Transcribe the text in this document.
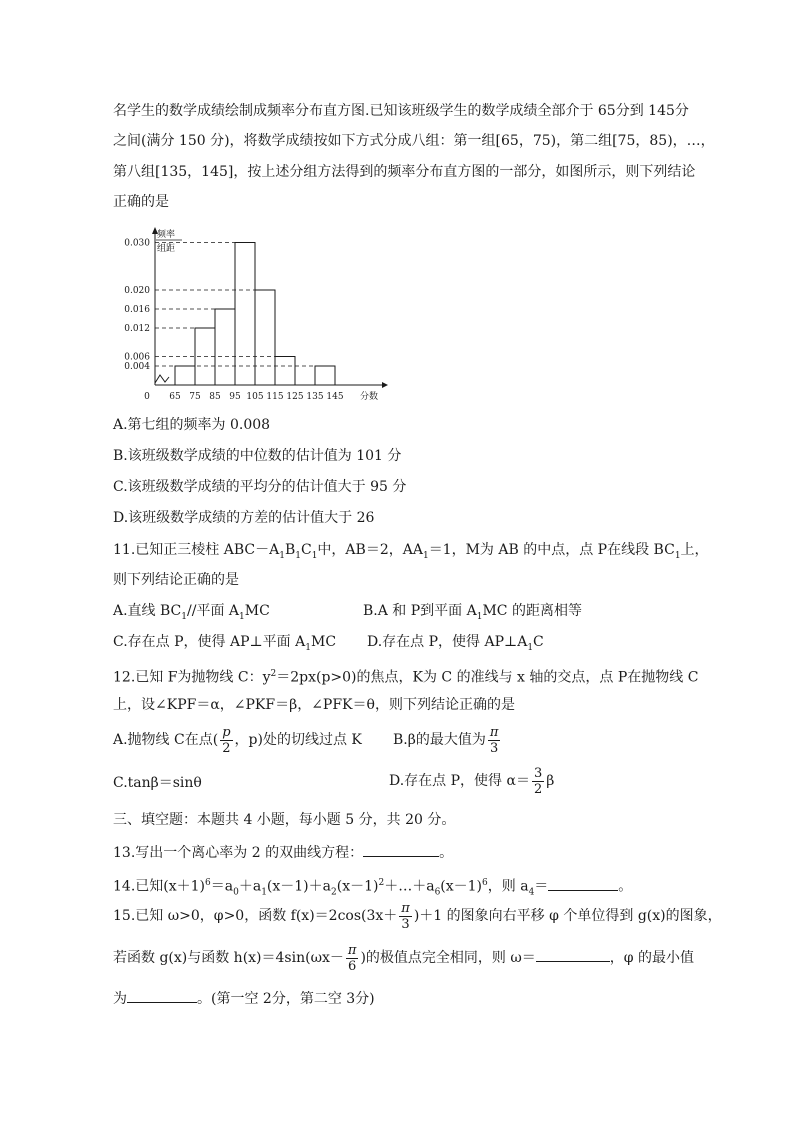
名学生的数学成绩绘制成频率分布直方图.已知该班级学生的数学成绩全部介于 65分到 145分
之间(满分 150 分)，将数学成绩按如下方式分成八组：第一组[65，75)，第二组[75，85)，…，
第八组[135，145]，按上述分组方法得到的频率分布直方图的一部分，如图所示，则下列结论
正确的是
频率
组距
0.004
0.006
0.012
0.016
0.020
0.030
0 65 75 85 95 105 115 125 135 145 分数
A.第七组的频率为 0.008
B.该班级数学成绩的中位数的估计值为 101 分
C.该班级数学成绩的平均分的估计值大于 95 分
D.该班级数学成绩的方差的估计值大于 26
11.已知正三棱柱 $ABC-A_1B_1C_1$中，AB＝2，$AA_1=1$，M为 AB 的中点，点 P在线段 $BC_1$上，
则下列结论正确的是
A.直线 $BC_1//$平面 $A_1MC$	B.A 和 P到平面 $A_1MC$ 的距离相等
C.存在点 P，使得 AP⊥平面 $A_1MC$ D.存在点 P，使得 $AP\perp A_1C$
12.已知 F为抛物线 C：$y^2=2px(p>0)$的焦点，K为 C 的准线与 x 轴的交点，点 P在抛物线 C
上，设∠KPF＝α，∠PKF＝β，∠PFK＝θ，则下列结论正确的是
A.抛物线 C在点( $\frac{p}{2}$ ，p)处的切线过点 K B.β的最大值为 $\frac{\pi}{3}$
C.tanβ＝sinθ	D.存在点 P，使得 $\alpha= \frac{3}{2}$ β
三、填空题：本题共 4 小题，每小题 5 分，共 20 分。
13.写出一个离心率为 2 的双曲线方程：	。
14.已知$(x+1)^6=a_0+a_1(x-1)+a_2(x-1)^2+\dots+a_6(x-1)^6$，则 $a_4=$	。
15.已知 ω>0，φ>0，函数 $f(x)=2\cos(3x+ \frac{\pi}{3} )+1$ 的图象向右平移 φ 个单位得到 g(x)的图象，
若函数 g(x)与函数 $h(x)=4\sin(\omega x- \frac{\pi}{6}$ )的极值点完全相同，则 ω＝	，φ 的最小值
为	。(第一空 2分，第二空 3分)
